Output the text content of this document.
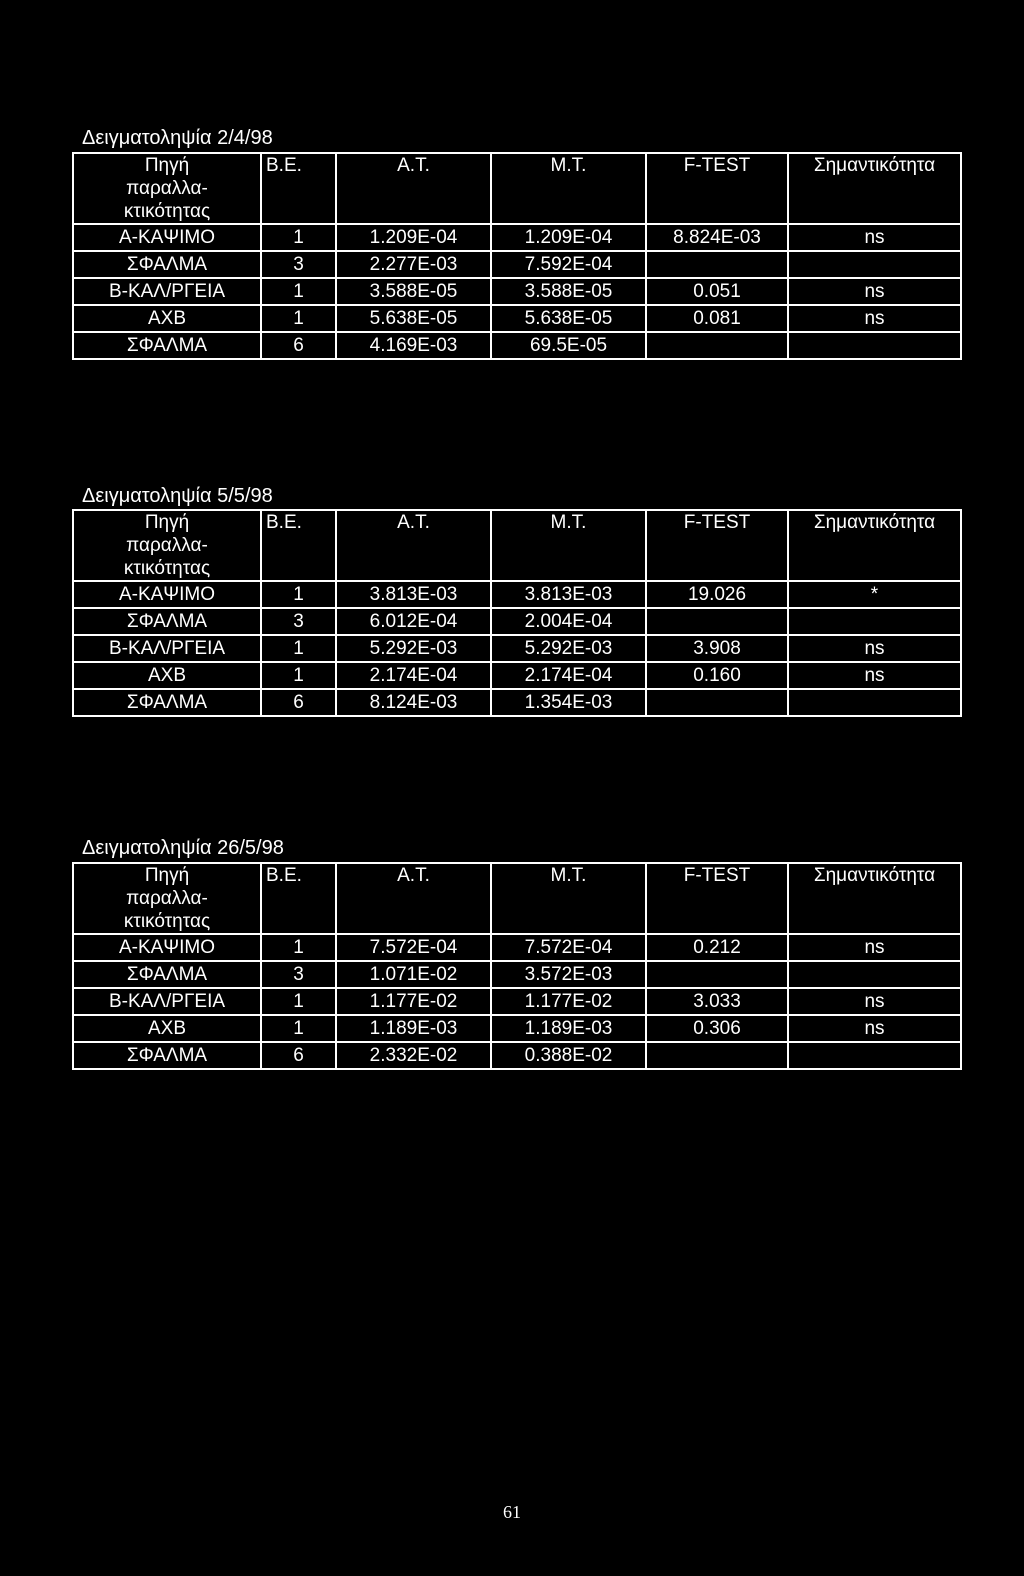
Δειγματοληψία 2/4/98
Πηγή
παραλλα-
κτικότητας	Β.Ε.	Α.Τ.	Μ.Τ.	F-TEST	Σημαντικότητα
Α-ΚΑΨΙΜΟ	1	1.209E-04	1.209E-04	8.824E-03	ns
ΣΦΑΛΜΑ	3	2.277E-03	7.592E-04		
Β-ΚΑΛ/ΡΓΕΙΑ	1	3.588E-05	3.588E-05	0.051	ns
ΑΧΒ	1	5.638E-05	5.638E-05	0.081	ns
ΣΦΑΛΜΑ	6	4.169E-03	69.5E-05		
Δειγματοληψία 5/5/98
Πηγή
παραλλα-
κτικότητας	Β.Ε.	Α.Τ.	Μ.Τ.	F-TEST	Σημαντικότητα
Α-ΚΑΨΙΜΟ	1	3.813E-03	3.813E-03	19.026	*
ΣΦΑΛΜΑ	3	6.012E-04	2.004E-04		
Β-ΚΑΛ/ΡΓΕΙΑ	1	5.292E-03	5.292E-03	3.908	ns
ΑΧΒ	1	2.174E-04	2.174E-04	0.160	ns
ΣΦΑΛΜΑ	6	8.124E-03	1.354E-03		
Δειγματοληψία 26/5/98
Πηγή
παραλλα-
κτικότητας	Β.Ε.	Α.Τ.	Μ.Τ.	F-TEST	Σημαντικότητα
Α-ΚΑΨΙΜΟ	1	7.572E-04	7.572E-04	0.212	ns
ΣΦΑΛΜΑ	3	1.071E-02	3.572E-03		
Β-ΚΑΛ/ΡΓΕΙΑ	1	1.177E-02	1.177E-02	3.033	ns
ΑΧΒ	1	1.189E-03	1.189E-03	0.306	ns
ΣΦΑΛΜΑ	6	2.332E-02	0.388E-02		
61
